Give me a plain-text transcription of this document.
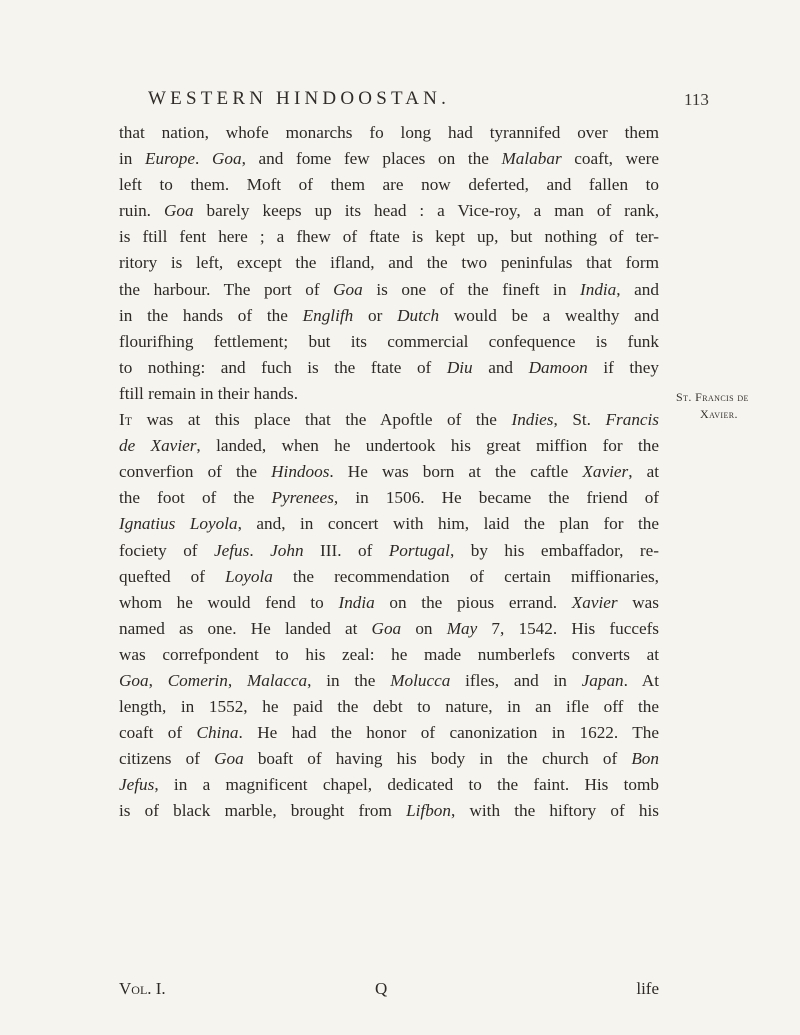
WESTERN HINDOOSTAN.	113
that nation, whofe monarchs fo long had tyrannifed over them
in Europe. Goa, and fome few places on the Malabar coaft, were
left to them. Moft of them are now deferted, and fallen to
ruin. Goa barely keeps up its head : a Vice-roy, a man of rank,
is ftill fent here ; a fhew of ftate is kept up, but nothing of ter-
ritory is left, except the ifland, and the two peninfulas that form
the harbour. The port of Goa is one of the fineft in India, and
in the hands of the Englifh or Dutch would be a wealthy and
flourifhing fettlement; but its commercial confequence is funk
to nothing: and fuch is the ftate of Diu and Damoon if they
ftill remain in their hands.
It was at this place that the Apoftle of the Indies, St. Francis
de Xavier, landed, when he undertook his great miffion for the
converfion of the Hindoos. He was born at the caftle Xavier, at
the foot of the Pyrenees, in 1506. He became the friend of
Ignatius Loyola, and, in concert with him, laid the plan for the
fociety of Jefus. John III. of Portugal, by his embaffador, re-
quefted of Loyola the recommendation of certain miffionaries,
whom he would fend to India on the pious errand. Xavier was
named as one. He landed at Goa on May 7, 1542. His fuccefs
was correfpondent to his zeal: he made numberlefs converts at
Goa, Comerin, Malacca, in the Molucca ifles, and in Japan. At
length, in 1552, he paid the debt to nature, in an ifle off the
coaft of China. He had the honor of canonization in 1622. The
citizens of Goa boaft of having his body in the church of Bon
Jefus, in a magnificent chapel, dedicated to the faint. His tomb
is of black marble, brought from Lifbon, with the hiftory of his
St. Francis de
Xavier.
Vol. I.	Q	life
